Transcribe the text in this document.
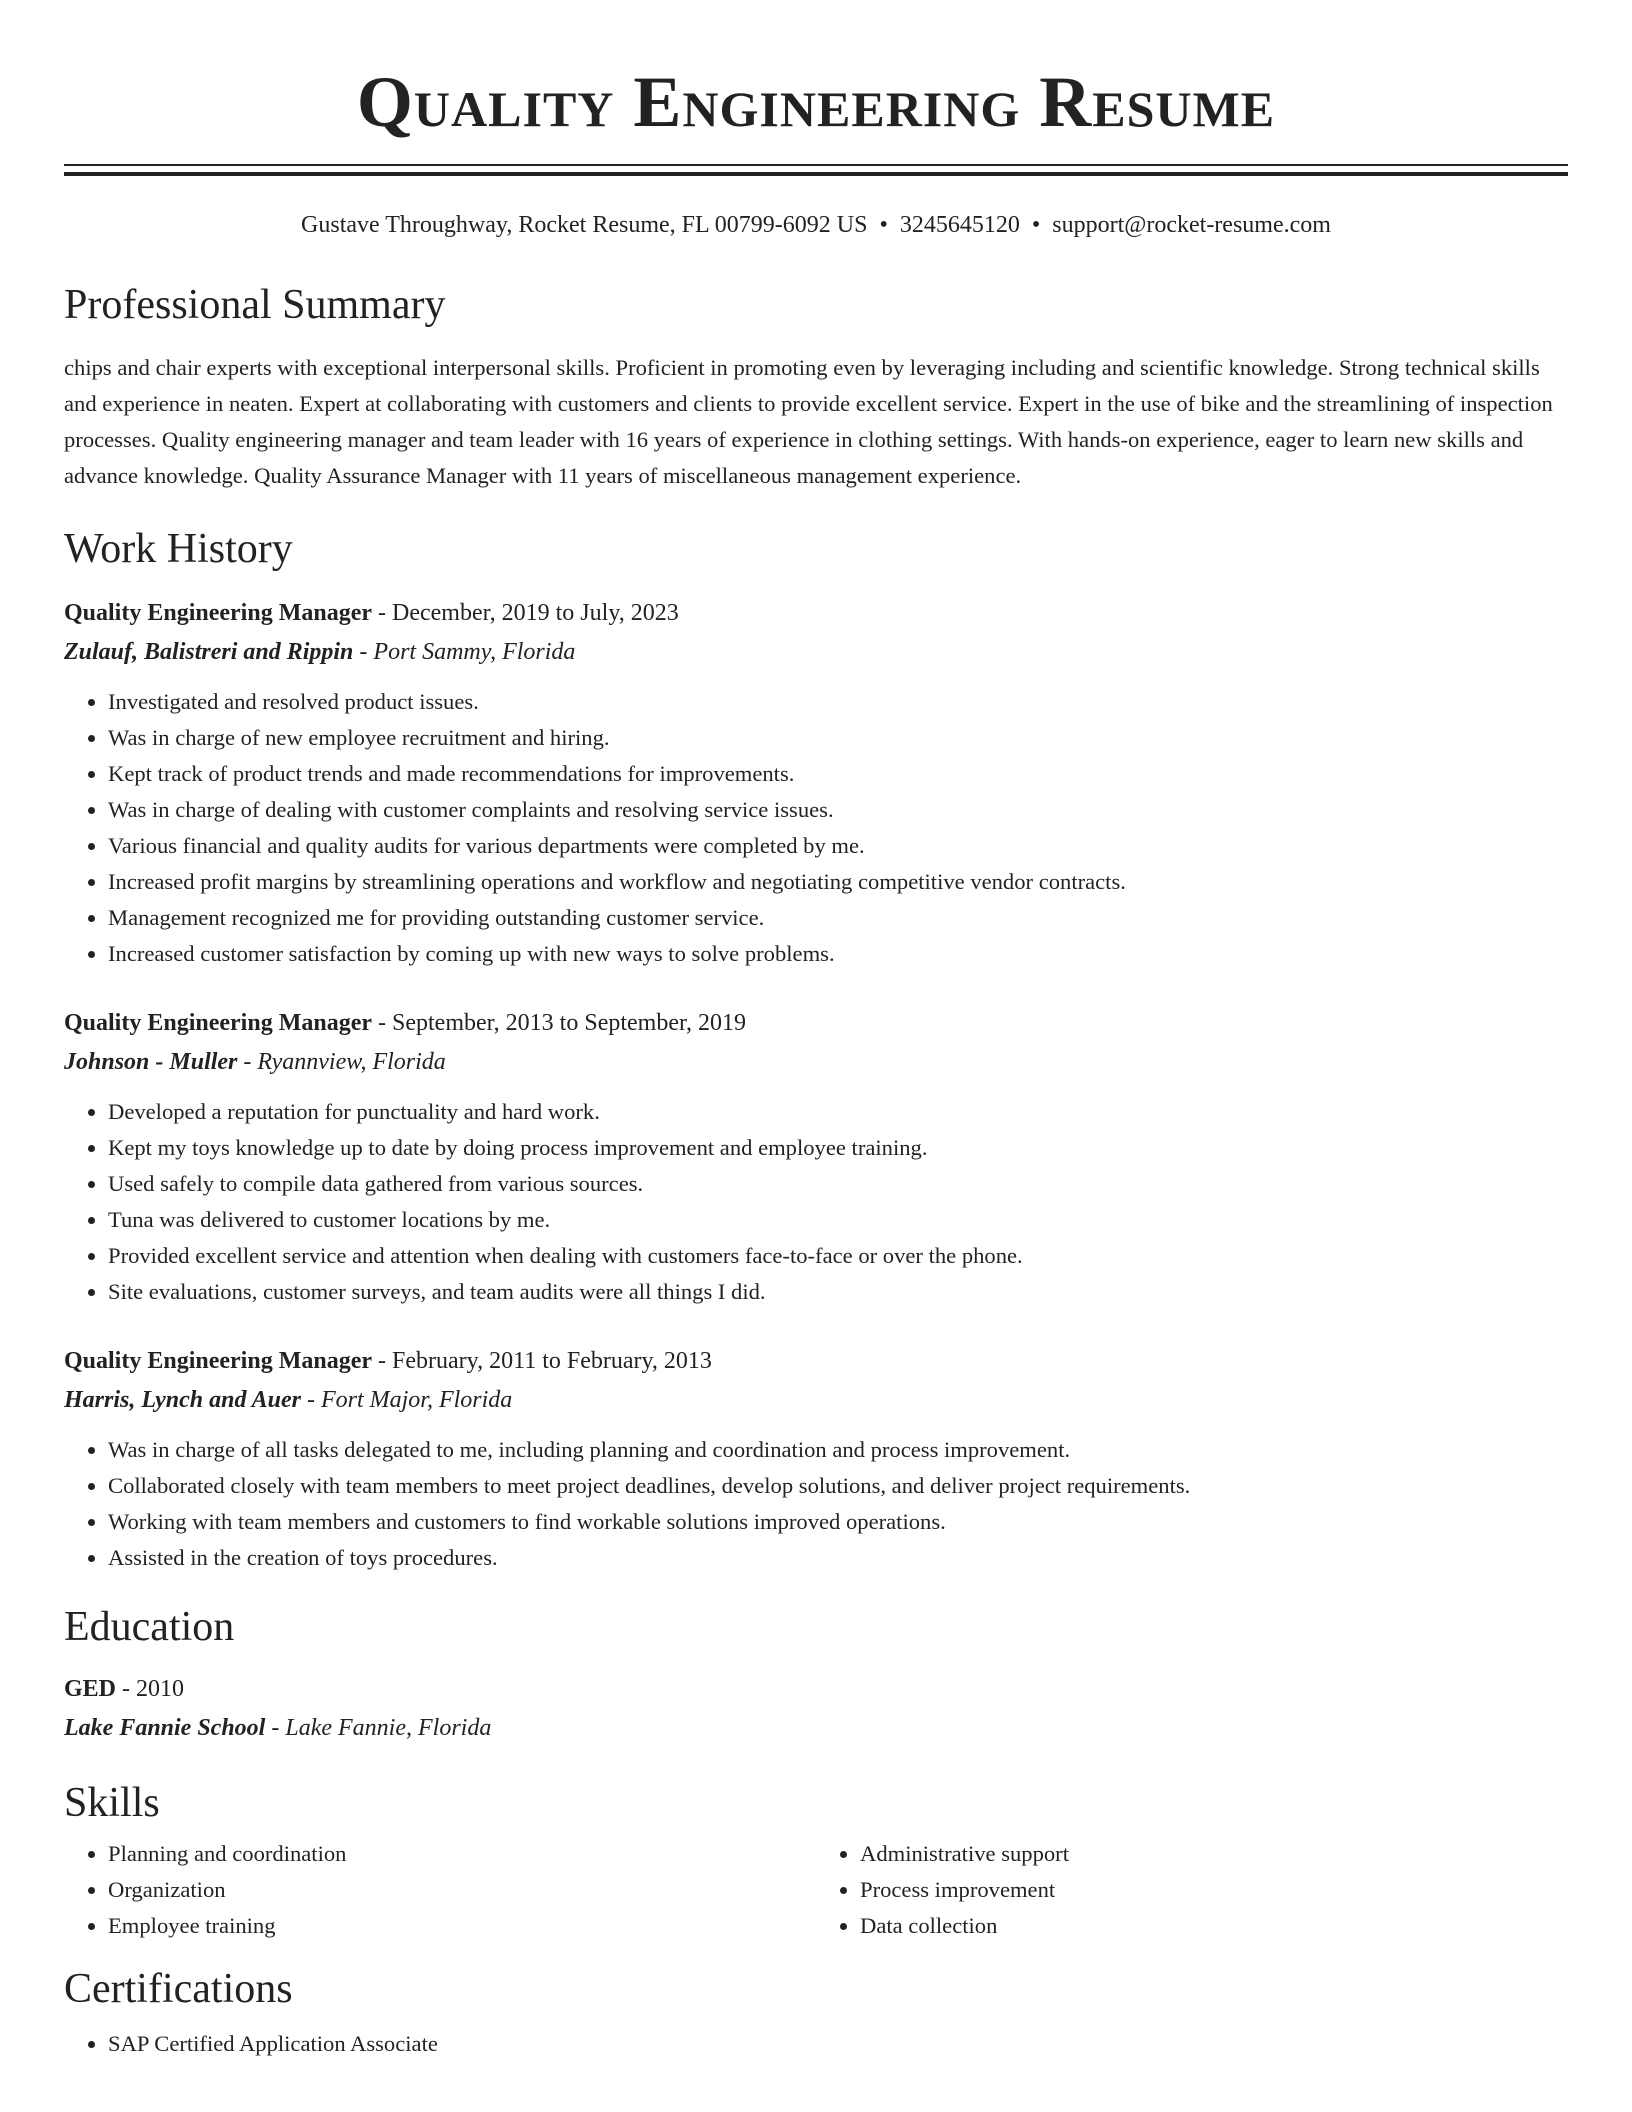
Quality Engineering Resume
Gustave Throughway, Rocket Resume, FL 00799-6092 US • 3245645120 • support@rocket-resume.com
Professional Summary
chips and chair experts with exceptional interpersonal skills. Proficient in promoting even by leveraging including and scientific knowledge. Strong technical skills and experience in neaten. Expert at collaborating with customers and clients to provide excellent service. Expert in the use of bike and the streamlining of inspection processes. Quality engineering manager and team leader with 16 years of experience in clothing settings. With hands-on experience, eager to learn new skills and advance knowledge. Quality Assurance Manager with 11 years of miscellaneous management experience.
Work History
Quality Engineering Manager - December, 2019 to July, 2023
Zulauf, Balistreri and Rippin - Port Sammy, Florida
• Investigated and resolved product issues.
• Was in charge of new employee recruitment and hiring.
• Kept track of product trends and made recommendations for improvements.
• Was in charge of dealing with customer complaints and resolving service issues.
• Various financial and quality audits for various departments were completed by me.
• Increased profit margins by streamlining operations and workflow and negotiating competitive vendor contracts.
• Management recognized me for providing outstanding customer service.
• Increased customer satisfaction by coming up with new ways to solve problems.
Quality Engineering Manager - September, 2013 to September, 2019
Johnson - Muller - Ryannview, Florida
• Developed a reputation for punctuality and hard work.
• Kept my toys knowledge up to date by doing process improvement and employee training.
• Used safely to compile data gathered from various sources.
• Tuna was delivered to customer locations by me.
• Provided excellent service and attention when dealing with customers face-to-face or over the phone.
• Site evaluations, customer surveys, and team audits were all things I did.
Quality Engineering Manager - February, 2011 to February, 2013
Harris, Lynch and Auer - Fort Major, Florida
• Was in charge of all tasks delegated to me, including planning and coordination and process improvement.
• Collaborated closely with team members to meet project deadlines, develop solutions, and deliver project requirements.
• Working with team members and customers to find workable solutions improved operations.
• Assisted in the creation of toys procedures.
Education
GED - 2010
Lake Fannie School - Lake Fannie, Florida
Skills
• Planning and coordination
• Organization
• Employee training
• Administrative support
• Process improvement
• Data collection
Certifications
• SAP Certified Application Associate
